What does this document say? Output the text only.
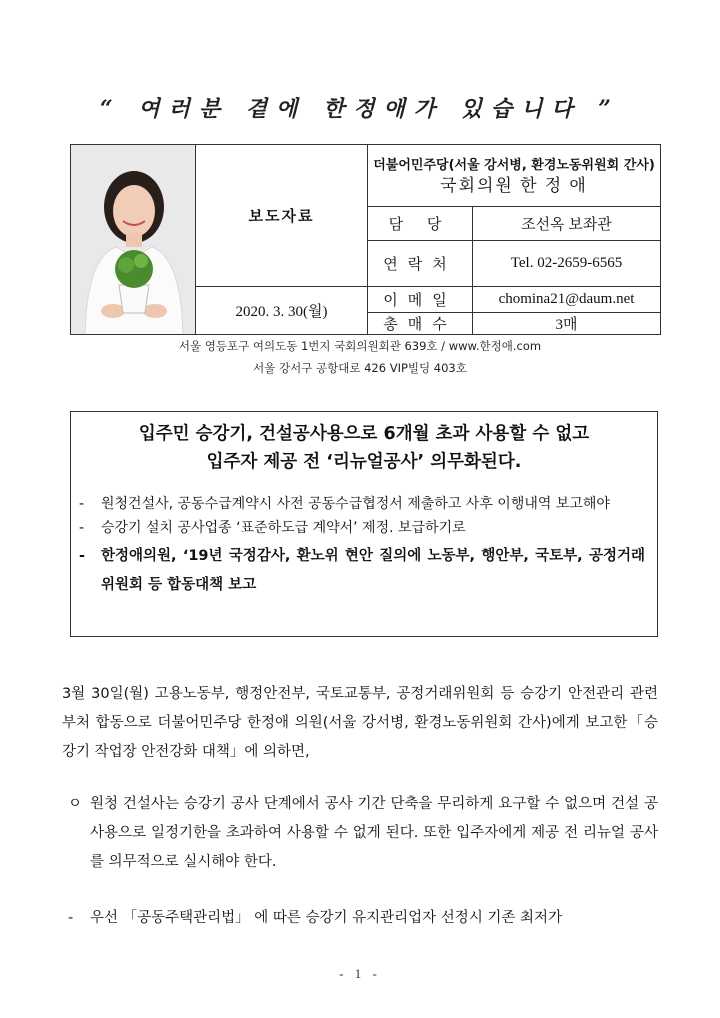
“ 여러분 곁에 한정애가 있습니다 ”
	보도자료	더불어민주당(서울 강서병, 환경노동위원회 간사)
국회의원 한 정 애	

		담 당	조선옥 보좌관
		연락처	Tel. 02-2659-6565
	2020. 3. 30(월)	이메일	chomina21@daum.net
		총매수	3매
서울 영등포구 여의도동 1번지 국회의원회관 639호 / www.한정애.com
서울 강서구 공항대로 426 VIP빌딩 403호
입주민 승강기, 건설공사용으로 6개월 초과 사용할 수 없고
입주자 제공 전 ‘리뉴얼공사’ 의무화된다.
- 원청건설사, 공동수급계약시 사전 공동수급협정서 제출하고 사후 이행내역 보고해야
- 승강기 설치 공사업종 ‘표준하도급 계약서’ 제정. 보급하기로
- 한정애의원, ‘19년 국정감사, 환노위 현안 질의에 노동부, 행안부, 국토부, 공정거래위원회 등 합동대책 보고
3월 30일(월) 고용노동부, 행정안전부, 국토교통부, 공정거래위원회 등 승강기 안전관리 관련 부처 합동으로 더불어민주당 한정애 의원(서울 강서병, 환경노동위원회 간사)에게 보고한「승강기 작업장 안전강화 대책」에 의하면,
ㅇ 원청 건설사는 승강기 공사 단계에서 공사 기간 단축을 무리하게 요구할 수 없으며 건설 공사용으로 일정기한을 초과하여 사용할 수 없게 된다. 또한 입주자에게 제공 전 리뉴얼 공사를 의무적으로 실시해야 한다.
- 우선 「공동주택관리법」 에 따른 승강기 유지관리업자 선정시 기존 최저가
- 1 -
